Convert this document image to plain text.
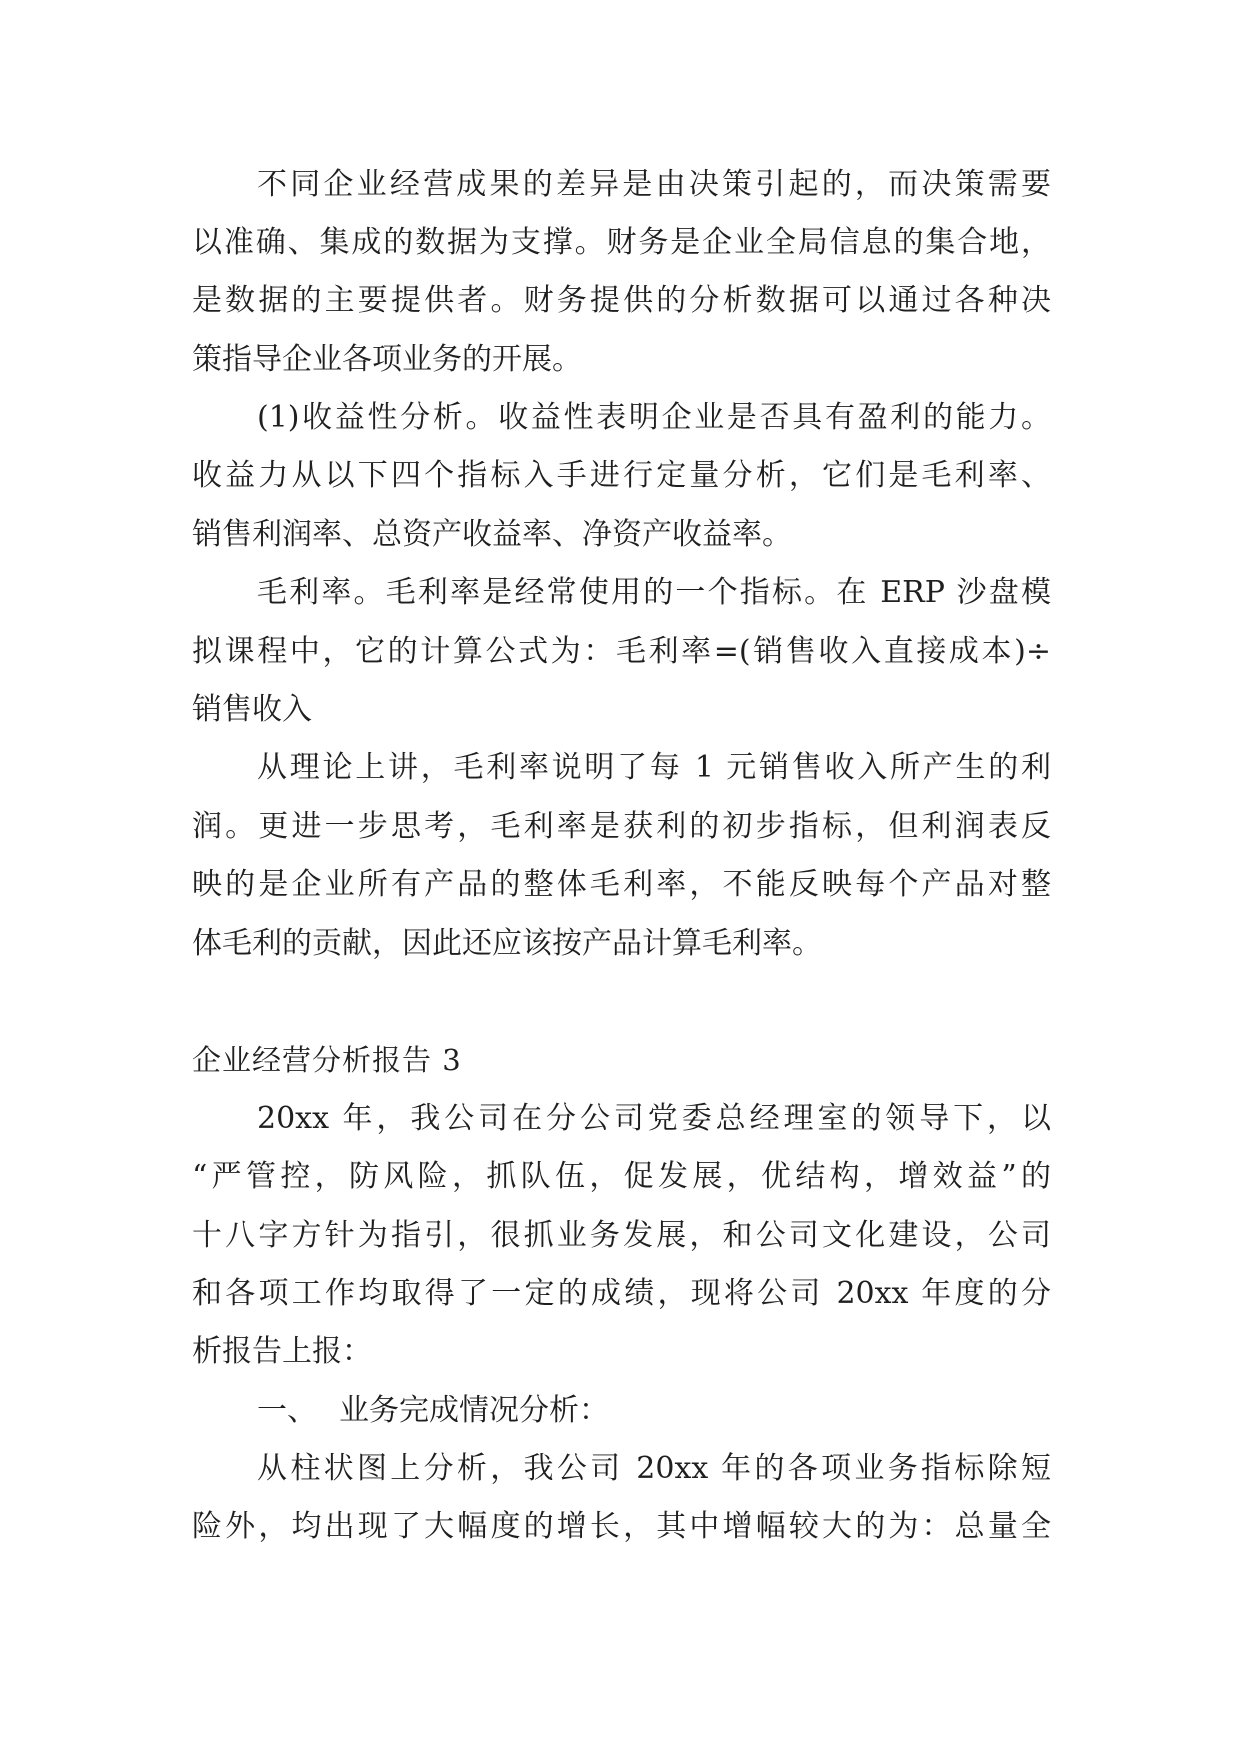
不同企业经营成果的差异是由决策引起的，而决策需要
以准确、集成的数据为支撑。财务是企业全局信息的集合地，
是数据的主要提供者。财务提供的分析数据可以通过各种决
策指导企业各项业务的开展。
(1)收益性分析。收益性表明企业是否具有盈利的能力。
收益力从以下四个指标入手进行定量分析，它们是毛利率、
销售利润率、总资产收益率、净资产收益率。
毛利率。毛利率是经常使用的一个指标。在 ERP 沙盘模
拟课程中，它的计算公式为：毛利率=(销售收入直接成本)÷
销售收入
从理论上讲，毛利率说明了每 1 元销售收入所产生的利
润。更进一步思考，毛利率是获利的初步指标，但利润表反
映的是企业所有产品的整体毛利率，不能反映每个产品对整
体毛利的贡献，因此还应该按产品计算毛利率。
企业经营分析报告 3
20xx 年，我公司在分公司党委总经理室的领导下，以
“严管控，防风险，抓队伍，促发展，优结构，增效益”的
十八字方针为指引，很抓业务发展，和公司文化建设，公司
和各项工作均取得了一定的成绩，现将公司 20xx 年度的分
析报告上报：
一、 业务完成情况分析：
从柱状图上分析，我公司 20xx 年的各项业务指标除短
险外，均出现了大幅度的增长，其中增幅较大的为：总量全
